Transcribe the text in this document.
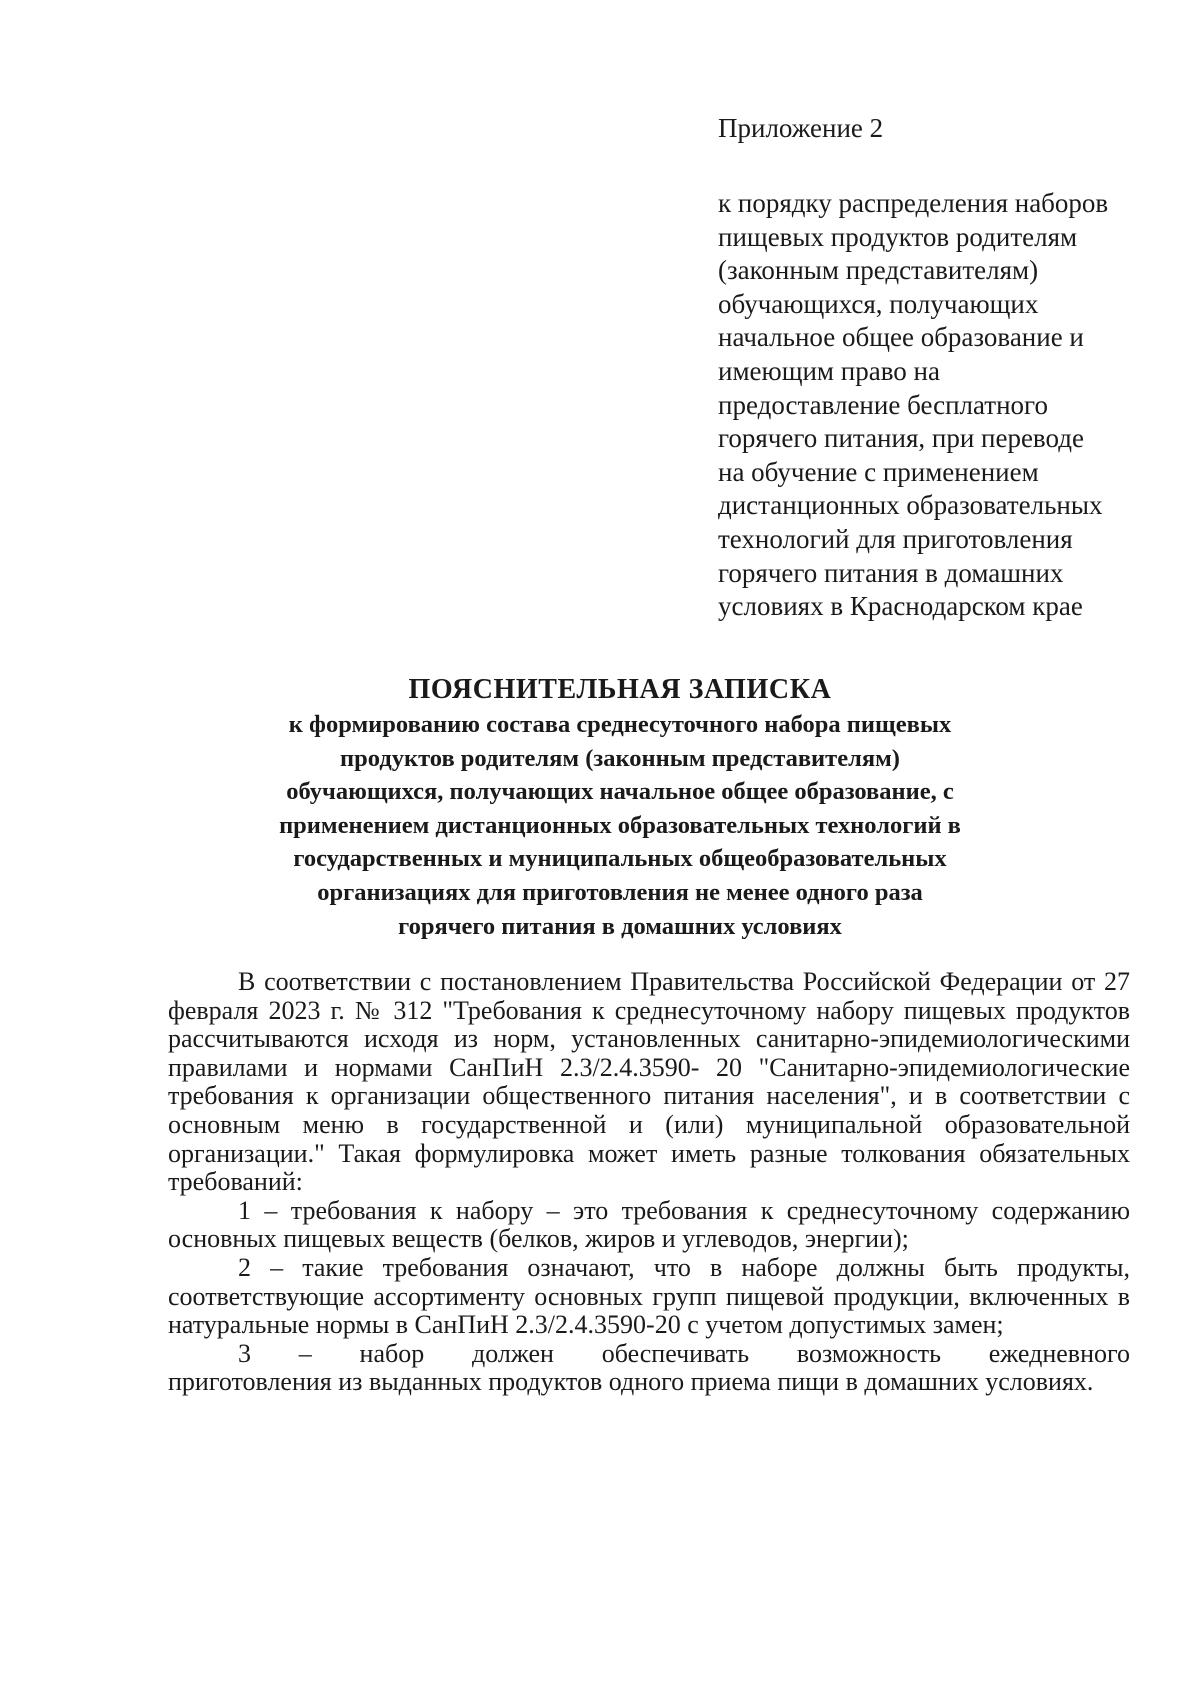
Приложение 2

к порядку распределения наборов
пищевых продуктов родителям
(законным представителям)
обучающихся, получающих
начальное общее образование и
имеющим право на
предоставление бесплатного
горячего питания, при переводе
на обучение с применением
дистанционных образовательных
технологий для приготовления
горячего питания в домашних
условиях в Краснодарском крае
ПОЯСНИТЕЛЬНАЯ ЗАПИСКА
к формированию состава среднесуточного набора пищевых
продуктов родителям (законным представителям)
обучающихся, получающих начальное общее образование, с
применением дистанционных образовательных технологий в
государственных и муниципальных общеобразовательных
организациях для приготовления не менее одного раза
горячего питания в домашних условиях

В соответствии с постановлением Правительства Российской Федерации от 27 февраля 2023 г. № 312 "Требования к среднесуточному набору пищевых продуктов рассчитываются исходя из норм, установленных санитарно-эпидемиологическими правилами и нормами СанПиН 2.3/2.4.3590- 20 "Санитарно-эпидемиологические требования к организации общественного питания населения", и в соответствии с основным меню в государственной и (или) муниципальной образовательной организации." Такая формулировка может иметь разные толкования обязательных требований:

1 – требования к набору – это требования к среднесуточному содержанию основных пищевых веществ (белков, жиров и углеводов, энергии);

2 – такие требования означают, что в наборе должны быть продукты, соответствующие ассортименту основных групп пищевой продукции, включенных в натуральные нормы в СанПиН 2.3/2.4.3590-20 с учетом допустимых замен;

3 – набор должен обеспечивать возможность ежедневного

приготовления из выданных продуктов одного приема пищи в домашних условиях.
